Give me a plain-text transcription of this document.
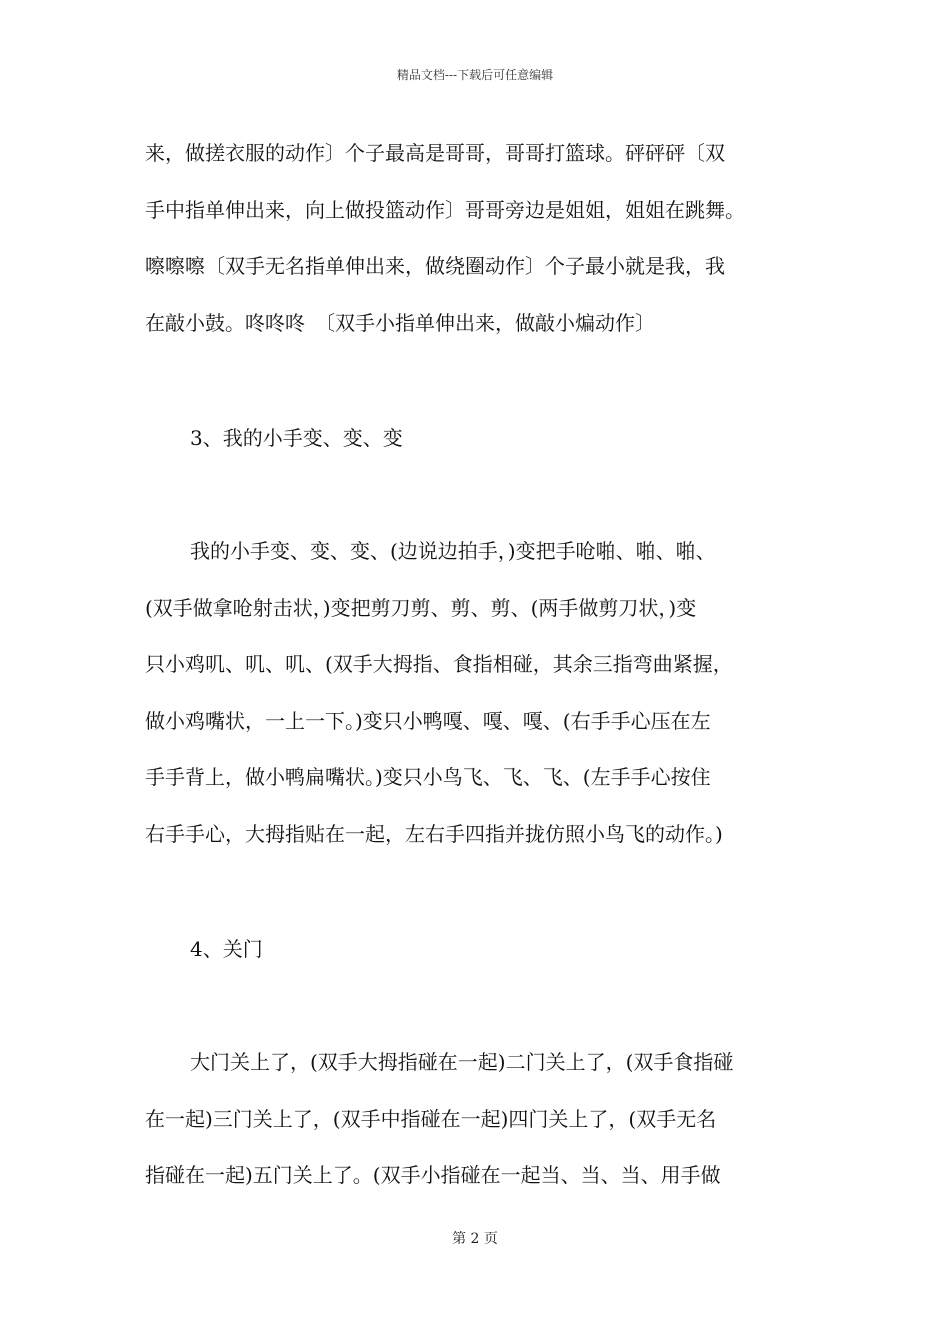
精品文档---下载后可任意编辑
来，做搓衣服的动作〕个子最高是哥哥，哥哥打篮球。砰砰砰〔双
手中指单伸出来，向上做投篮动作〕哥哥旁边是姐姐，姐姐在跳舞。
嚓嚓嚓〔双手无名指单伸出来，做绕圈动作〕个子最小就是我，我
在敲小鼓。咚咚咚　〔双手小指单伸出来，做敲小煸动作〕
3、我的小手变、变、变
我的小手变、变、变、(边说边拍手，)变把手呛啪、啪、啪、
(双手做拿呛射击状，)变把剪刀剪、剪、剪、(两手做剪刀状，)变
只小鸡叽、叽、叽、(双手大拇指、食指相碰，其余三指弯曲紧握，
做小鸡嘴状，一上一下。)变只小鸭嘎、嘎、嘎、(右手手心压在左
手手背上，做小鸭扁嘴状。)变只小鸟飞、飞、飞、(左手手心按住
右手手心，大拇指贴在一起，左右手四指并拢仿照小鸟飞的动作。)
4、关门
大门关上了，(双手大拇指碰在一起)二门关上了，(双手食指碰
在一起)三门关上了，(双手中指碰在一起)四门关上了，(双手无名
指碰在一起)五门关上了。(双手小指碰在一起当、当、当、用手做
第 2 页
